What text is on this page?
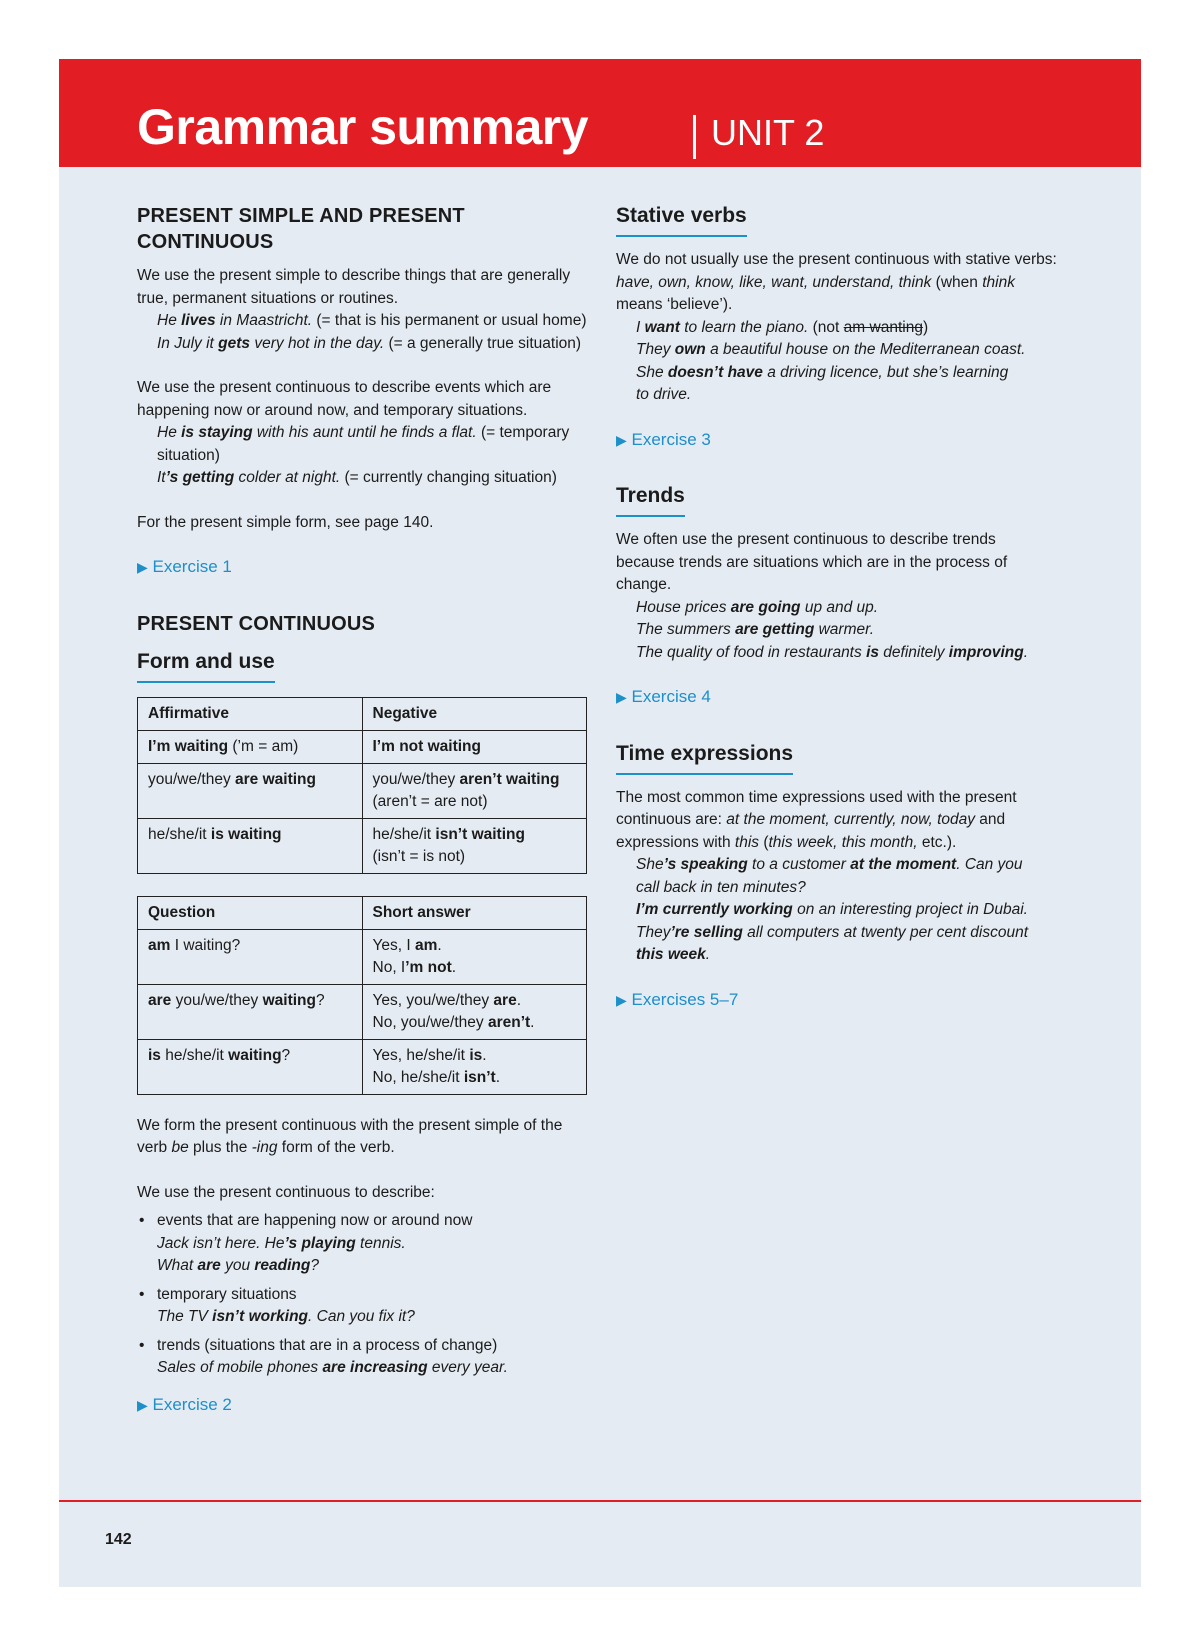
Grammar summary	UNIT 2
PRESENT SIMPLE AND PRESENT CONTINUOUS

We use the present simple to describe things that are generally true, permanent situations or routines.

He lives in Maastricht. (= that is his permanent or usual home)

In July it gets very hot in the day. (= a generally true situation)

We use the present continuous to describe events which are happening now or around now, and temporary situations.

He is staying with his aunt until he finds a flat. (= temporary situation)

It’s getting colder at night. (= currently changing situation)

For the present simple form, see page 140.

▶ Exercise 1

PRESENT CONTINUOUS
Form and use
Affirmative	Negative
I’m waiting (’m = am)	I’m not waiting
you/we/they are waiting	you/we/they aren’t waiting (aren’t = are not)
he/she/it is waiting	he/she/it isn’t waiting
(isn’t = is not)
Question	Short answer
am I waiting?	Yes, I am.
No, I’m not.
are you/we/they waiting?	Yes, you/we/they are.
No, you/we/they aren’t.
is he/she/it waiting?	Yes, he/she/it is.
No, he/she/it isn’t.

We form the present continuous with the present simple of the verb be plus the -ing form of the verb.

We use the present continuous to describe:

• events that are happening now or around now
Jack isn’t here. He’s playing tennis.
What are you reading?
• temporary situations
The TV isn’t working. Can you fix it?
• trends (situations that are in a process of change)
Sales of mobile phones are increasing every year.

▶ Exercise 2

Stative verbs

We do not usually use the present continuous with stative verbs: have, own, know, like, want, understand, think (when think means ‘believe’).

I want to learn the piano. (not am wanting)

They own a beautiful house on the Mediterranean coast.

She doesn’t have a driving licence, but she’s learning to drive.

▶ Exercise 3

Trends

We often use the present continuous to describe trends because trends are situations which are in the process of change.

House prices are going up and up.

The summers are getting warmer.

The quality of food in restaurants is definitely improving.

▶ Exercise 4

Time expressions

The most common time expressions used with the present continuous are: at the moment, currently, now, today and expressions with this (this week, this month, etc.).

She’s speaking to a customer at the moment. Can you call back in ten minutes?

I’m currently working on an interesting project in Dubai.

They’re selling all computers at twenty per cent discount this week.

▶ Exercises 5–7

142
